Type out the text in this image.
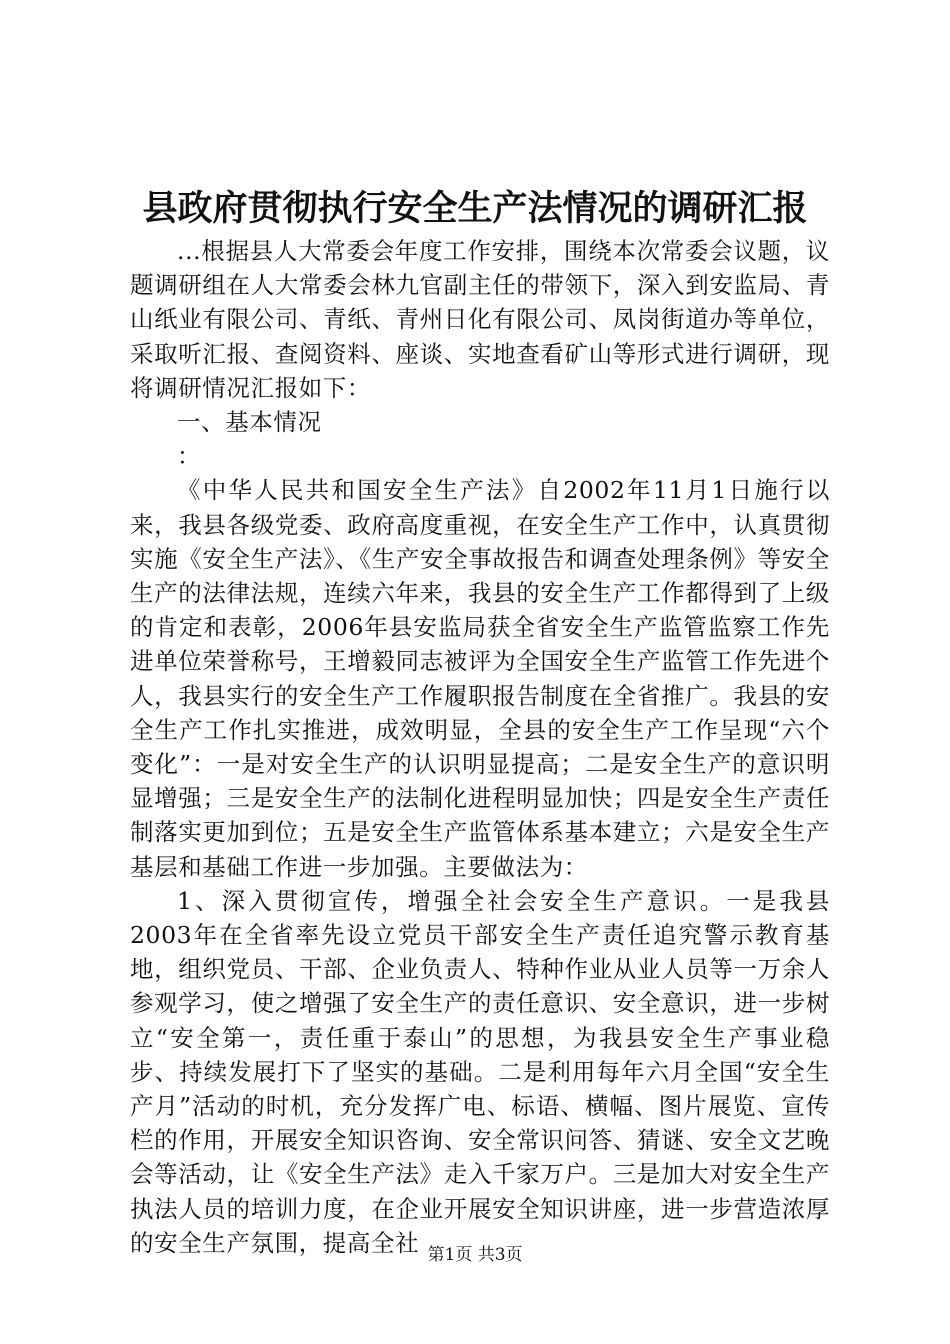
县政府贯彻执行安全生产法情况的调研汇报

...根据县人大常委会年度工作安排，围绕本次常委会议题，议题调研组在人大常委会林九官副主任的带领下，深入到安监局、青山纸业有限公司、青纸、青州日化有限公司、凤岗街道办等单位，采取听汇报、查阅资料、座谈、实地查看矿山等形式进行调研，现将调研情况汇报如下：

一、基本情况

：

《中华人民共和国安全生产法》自2002年11月1日施行以来，我县各级党委、政府高度重视，在安全生产工作中，认真贯彻实施《安全生产法》、《生产安全事故报告和调查处理条例》等安全生产的法律法规，连续六年来，我县的安全生产工作都得到了上级的肯定和表彰，2006年县安监局获全省安全生产监管监察工作先进单位荣誉称号，王增毅同志被评为全国安全生产监管工作先进个人，我县实行的安全生产工作履职报告制度在全省推广。我县的安全生产工作扎实推进，成效明显，全县的安全生产工作呈现“六个变化”：一是对安全生产的认识明显提高；二是安全生产的意识明显增强；三是安全生产的法制化进程明显加快；四是安全生产责任制落实更加到位；五是安全生产监管体系基本建立；六是安全生产基层和基础工作进一步加强。主要做法为：

1、深入贯彻宣传，增强全社会安全生产意识。一是我县2003年在全省率先设立党员干部安全生产责任追究警示教育基地，组织党员、干部、企业负责人、特种作业从业人员等一万余人参观学习，使之增强了安全生产的责任意识、安全意识，进一步树立“安全第一，责任重于泰山”的思想，为我县安全生产事业稳步、持续发展打下了坚实的基础。二是利用每年六月全国“安全生产月”活动的时机，充分发挥广电、标语、横幅、图片展览、宣传栏的作用，开展安全知识咨询、安全常识问答、猜谜、安全文艺晚会等活动，让《安全生产法》走入千家万户。三是加大对安全生产执法人员的培训力度，在企业开展安全知识讲座，进一步营造浓厚的安全生产氛围，提高全社 第1页 共3页
